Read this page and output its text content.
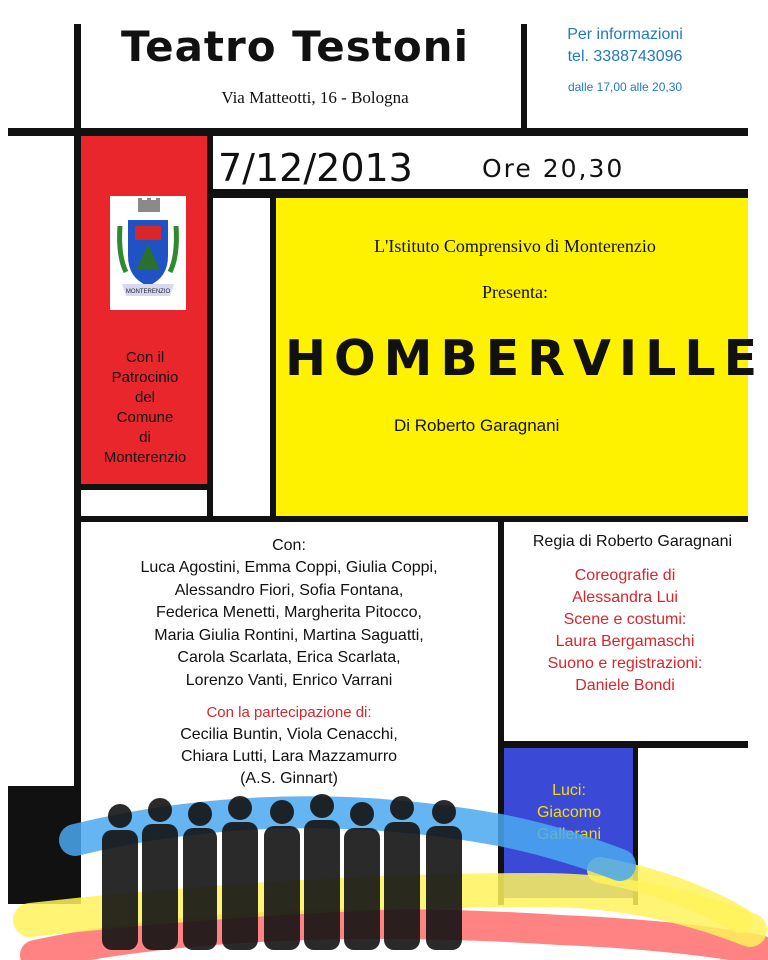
Teatro Testoni
Via Matteotti, 16 - Bologna
Per informazioni
tel. 3388743096
dalle 17,00 alle 20,30
7/12/2013	Ore 20,30
MONTERENZIO
Con il
Patrocinio
del
Comune
di
Monterenzio
L'Istituto Comprensivo di Monterenzio
Presenta:
HOMBERVILLE
Di Roberto Garagnani
Con:
Luca Agostini, Emma Coppi, Giulia Coppi,
Alessandro Fiori, Sofia Fontana,
Federica Menetti, Margherita Pitocco,
Maria Giulia Rontini, Martina Saguatti,
Carola Scarlata, Erica Scarlata,
Lorenzo Vanti, Enrico Varrani
Con la partecipazione di:
Cecilia Buntin, Viola Cenacchi,
Chiara Lutti, Lara Mazzamurro
(A.S. Ginnart)
Regia di Roberto Garagnani
Coreografie di
Alessandra Lui
Scene e costumi:
Laura Bergamaschi
Suono e registrazioni:
Daniele Bondi
Luci:
Giacomo
Gallerani
